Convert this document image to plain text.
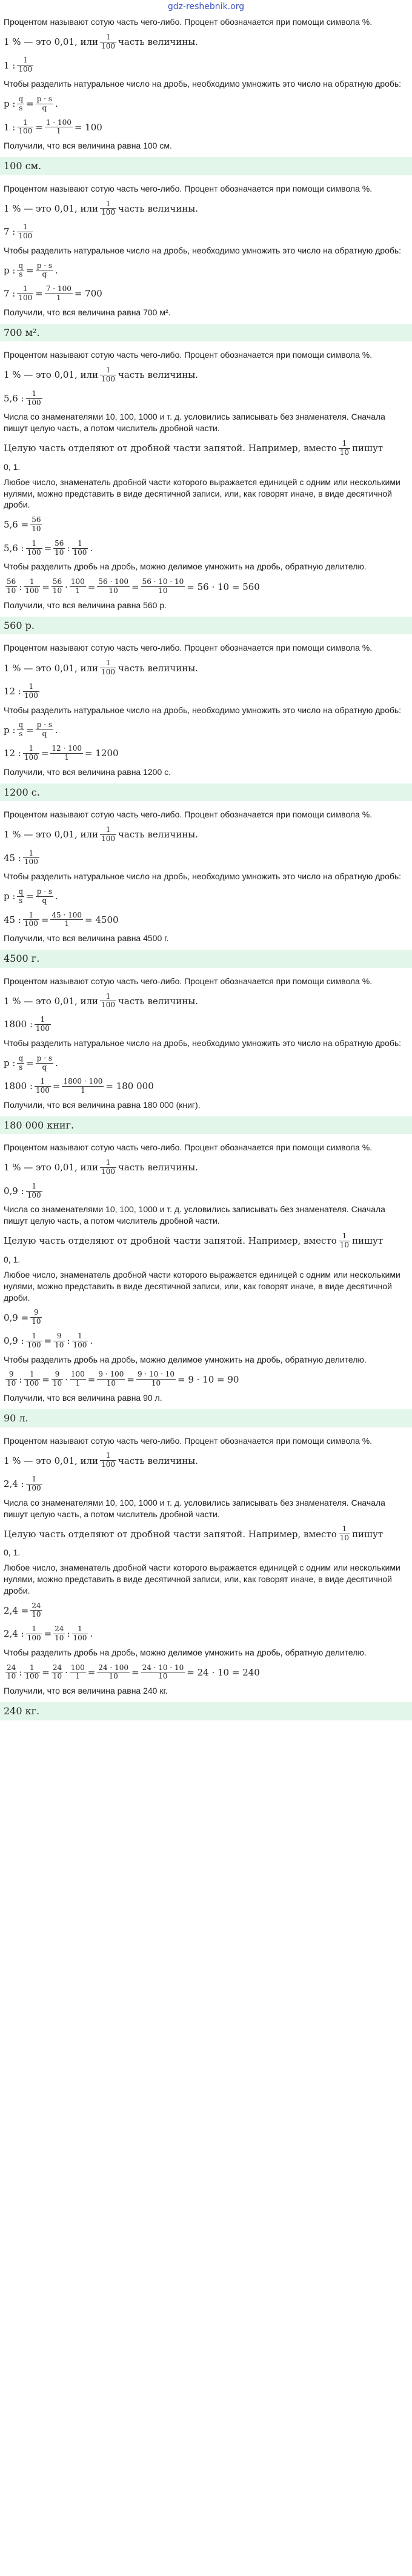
gdz-reshebnik.org

Процентом называют сотую часть чего-либо. Процент обозначается при помощи символа %.

1 % — это 0,01, или $\frac{1}{100}$ часть величины.
1 : $\frac{1}{100}$

Чтобы разделить натуральное число на дробь, необходимо умножить это число на обратную дробь:

p : $\frac{q}{s} = \frac{p \cdot s}{q}$ .
1 : $\frac{1}{100} = \frac{1 \cdot 100}{1} = 100$

Получили, что вся величина равна 100 см.

100 см.

Процентом называют сотую часть чего-либо. Процент обозначается при помощи символа %.

1 % — это 0,01, или $\frac{1}{100}$ часть величины.
7 : $\frac{1}{100}$

Чтобы разделить натуральное число на дробь, необходимо умножить это число на обратную дробь:

p : $\frac{q}{s} = \frac{p \cdot s}{q}$ .
7 : $\frac{1}{100} = \frac{7 \cdot 100}{1} = 700$

Получили, что вся величина равна 700 м².

700 м².

Процентом называют сотую часть чего-либо. Процент обозначается при помощи символа %.

1 % — это 0,01, или $\frac{1}{100}$ часть величины.
5,6 : $\frac{1}{100}$

Числа со знаменателями 10, 100, 1000 и т. д. условились записывать без знаменателя. Сначала пишут целую часть, а потом числитель дробной части.

Целую часть отделяют от дробной части запятой. Например, вместо $\frac{1}{10}$ пишут

0, 1.

Любое число, знаменатель дробной части которого выражается единицей с одним или несколькими нулями, можно представить в виде десятичной записи, или, как говорят иначе, в виде десятичной дроби.

$5,6 = \frac{56}{10}$
5,6 : $\frac{1}{100} = \frac{56}{10}$ : $\frac{1}{100}$ .

Чтобы разделить дробь на дробь, можно делимое умножить на дробь, обратную делителю.

$\frac{56}{10}$ : $\frac{1}{100} = \frac{56}{10} \cdot \frac{100}{1} = \frac{56 \cdot 100}{10} = \frac{56 \cdot 10 \cdot 10}{10} = 56 \cdot 10 = 560$

Получили, что вся величина равна 560 р.

560 р.

Процентом называют сотую часть чего-либо. Процент обозначается при помощи символа %.

1 % — это 0,01, или $\frac{1}{100}$ часть величины.
12 : $\frac{1}{100}$

Чтобы разделить натуральное число на дробь, необходимо умножить это число на обратную дробь:

p : $\frac{q}{s} = \frac{p \cdot s}{q}$ .
12 : $\frac{1}{100} = \frac{12 \cdot 100}{1} = 1200$

Получили, что вся величина равна 1200 с.

1200 с.

Процентом называют сотую часть чего-либо. Процент обозначается при помощи символа %.

1 % — это 0,01, или $\frac{1}{100}$ часть величины.
45 : $\frac{1}{100}$

Чтобы разделить натуральное число на дробь, необходимо умножить это число на обратную дробь:

p : $\frac{q}{s} = \frac{p \cdot s}{q}$ .
45 : $\frac{1}{100} = \frac{45 \cdot 100}{1} = 4500$

Получили, что вся величина равна 4500 г.

4500 г.

Процентом называют сотую часть чего-либо. Процент обозначается при помощи символа %.

1 % — это 0,01, или $\frac{1}{100}$ часть величины.
1800 : $\frac{1}{100}$

Чтобы разделить натуральное число на дробь, необходимо умножить это число на обратную дробь:

p : $\frac{q}{s} = \frac{p \cdot s}{q}$ .
1800 : $\frac{1}{100} = \frac{1800 \cdot 100}{1} = 180$ 000

Получили, что вся величина равна 180 000 (книг).

180 000 книг.

Процентом называют сотую часть чего-либо. Процент обозначается при помощи символа %.

1 % — это 0,01, или $\frac{1}{100}$ часть величины.
0,9 : $\frac{1}{100}$

Числа со знаменателями 10, 100, 1000 и т. д. условились записывать без знаменателя. Сначала пишут целую часть, а потом числитель дробной части.

Целую часть отделяют от дробной части запятой. Например, вместо $\frac{1}{10}$ пишут

0, 1.

Любое число, знаменатель дробной части которого выражается единицей с одним или несколькими нулями, можно представить в виде десятичной записи, или, как говорят иначе, в виде десятичной дроби.

$0,9 = \frac{9}{10}$
0,9 : $\frac{1}{100} = \frac{9}{10}$ : $\frac{1}{100}$ .

Чтобы разделить дробь на дробь, можно делимое умножить на дробь, обратную делителю.

$\frac{9}{10}$ : $\frac{1}{100} = \frac{9}{10} \cdot \frac{100}{1} = \frac{9 \cdot 100}{10} = \frac{9 \cdot 10 \cdot 10}{10} = 9 \cdot 10 = 90$

Получили, что вся величина равна 90 л.

90 л.

Процентом называют сотую часть чего-либо. Процент обозначается при помощи символа %.

1 % — это 0,01, или $\frac{1}{100}$ часть величины.
2,4 : $\frac{1}{100}$

Числа со знаменателями 10, 100, 1000 и т. д. условились записывать без знаменателя. Сначала пишут целую часть, а потом числитель дробной части.

Целую часть отделяют от дробной части запятой. Например, вместо $\frac{1}{10}$ пишут

0, 1.

Любое число, знаменатель дробной части которого выражается единицей с одним или несколькими нулями, можно представить в виде десятичной записи, или, как говорят иначе, в виде десятичной дроби.

$2,4 = \frac{24}{10}$
2,4 : $\frac{1}{100} = \frac{24}{10}$ : $\frac{1}{100}$ .

Чтобы разделить дробь на дробь, можно делимое умножить на дробь, обратную делителю.

$\frac{24}{10}$ : $\frac{1}{100} = \frac{24}{10} \cdot \frac{100}{1} = \frac{24 \cdot 100}{10} = \frac{24 \cdot 10 \cdot 10}{10} = 24 \cdot 10 = 240$

Получили, что вся величина равна 240 кг.

240 кг.
